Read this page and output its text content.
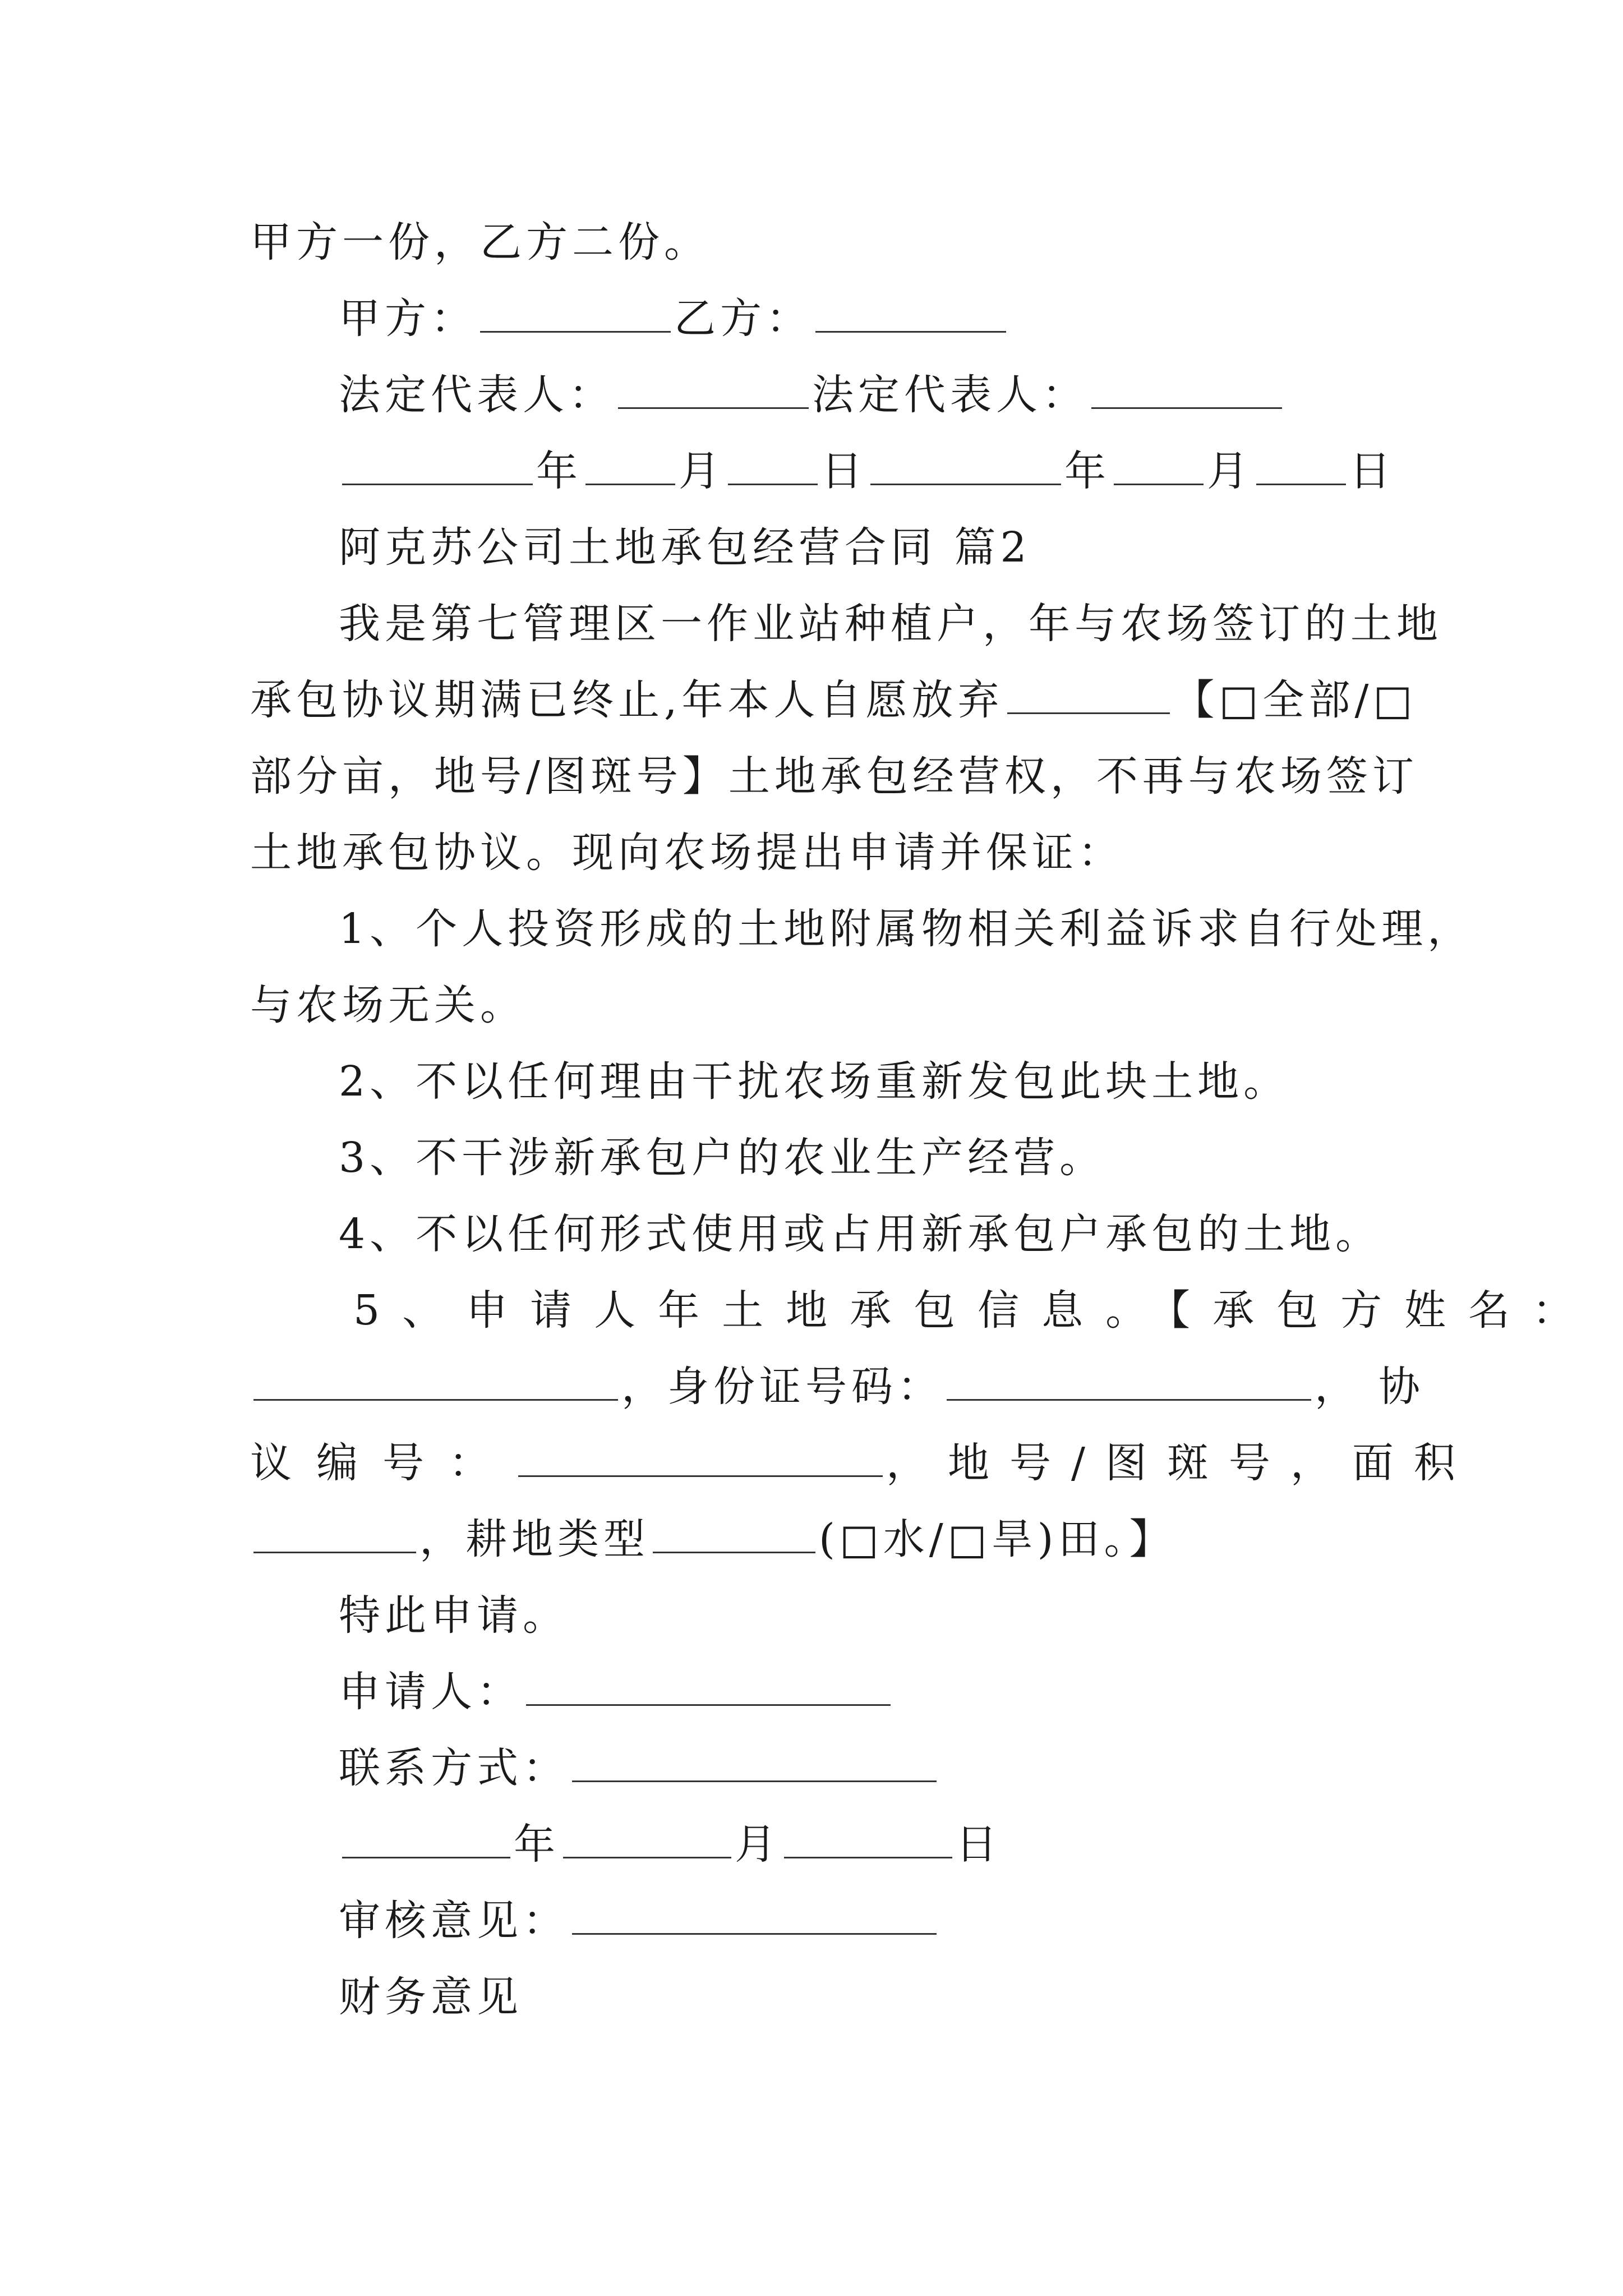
甲方一份，乙方二份。
甲方：	乙方：
法定代表人：	法定代表人：
年 月 日	年 月 日
阿克苏公司土地承包经营合同 篇2
我是第七管理区一作业站种植户，年与农场签订的土地
承包协议期满已终止,年本人自愿放弃	【□全部/□
部分亩，地号/图斑号】土地承包经营权，不再与农场签订
土地承包协议。现向农场提出申请并保证：
1、个人投资形成的土地附属物相关利益诉求自行处理，
与农场无关。
2、不以任何理由干扰农场重新发包此块土地。
3、不干涉新承包户的农业生产经营。
4、不以任何形式使用或占用新承包户承包的土地。
5、申请人年土地承包信息。【承包方姓名：
，身份证号码：	，协
议编号：	，地号/图斑号，面积
，耕地类型	(□水/□旱)田。】
特此申请。
申请人：
联系方式：
年	月	日
审核意见：
财务意见
